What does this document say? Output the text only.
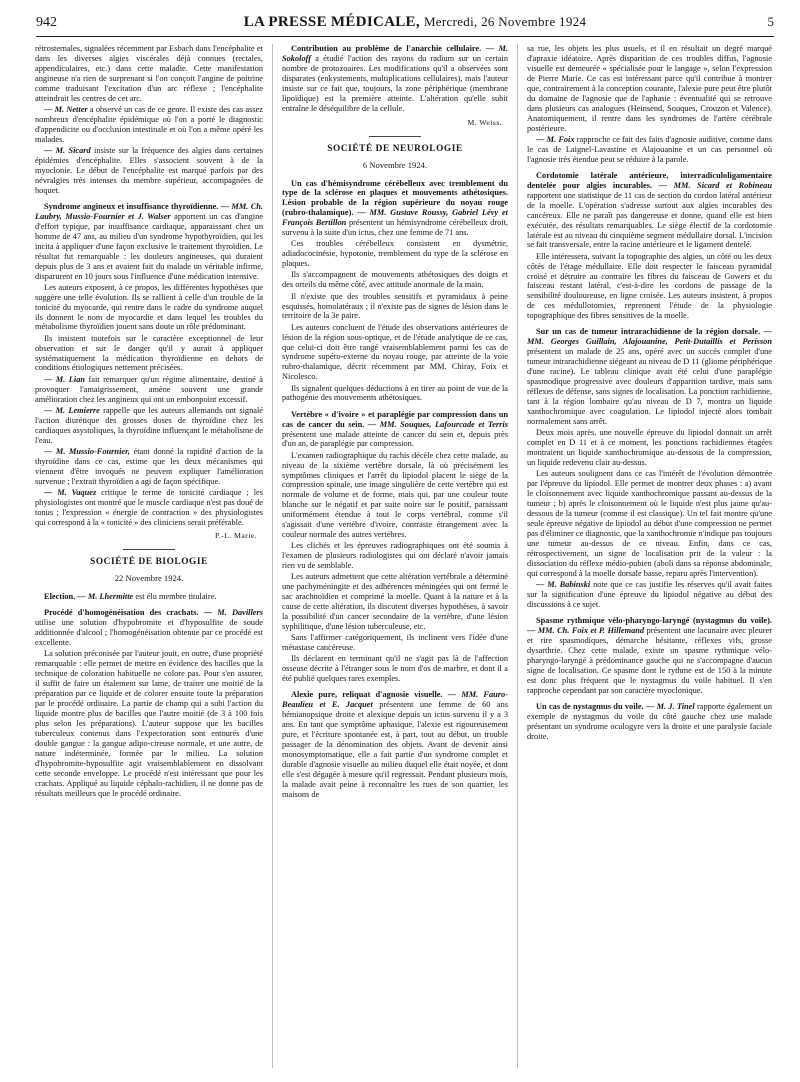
942	LA PRESSE MÉDICALE, Mercredi, 26 Novembre 1924	5

rétrosternales, signalées récemment par Esbach dans l'encéphalite et dans les diverses algies viscérales déjà connues (rectales, appendiculaires, etc.) dans cette maladie. Cette manifestation angineuse n'a rien de surprenant si l'on conçoit l'angine de poitrine comme traduisant l'excitation d'un arc réflexe ; l'encéphalite atteindrait les centres de cet arc.

— M. Netter a observé un cas de ce genre. Il existe des cas assez nombreux d'encéphalite épidémique où l'on a porté le diagnostic d'appendicite ou d'occlusion intestinale et où l'on a même opéré les malades.

— M. Sicard insiste sur la fréquence des algies dans certaines épidémies d'encéphalite. Elles s'associent souvent à de la myoclonie. Le début de l'encéphalite est marqué parfois par des névralgies très intenses du membre supérieur, accompagnées de hoquet.

Syndrome angineux et insuffisance thyroïdienne. — MM. Ch. Laubry, Mussio-Fournier et J. Walser apportent un cas d'angine d'effort typique, par insuffisance cardiaque, apparaissant chez un homme de 47 ans, au milieu d'un syndrome hypothyroïdien, qui les incita à appliquer d'une façon exclusive le traitement thyroïdien. Le résultat fut remarquable : les douleurs angineuses, qui duraient depuis plus de 3 ans et avaient fait du malade un véritable infirme, disparurent en 10 jours sous l'influence d'une médication intensive.

Les auteurs exposent, à ce propos, les différentes hypothèses que suggère une telle évolution. Ils se rallient à celle d'un trouble de la tonicité du myocarde, qui rentre dans le cadre du syndrome auquel ils donnent le nom de myocardie et dans lequel les troubles du métabolisme thyroïdien jouent sans doute un rôle prédominant.

Ils insistent toutefois sur le caractère exceptionnel de leur observation et sur le danger qu'il y aurait à appliquer systématiquement la médication thyroïdienne en dehors de conditions étiologiques nettement précisées.

— M. Lian fait remarquer qu'un régime alimentaire, destiné à provoquer l'amaigrissement, amène souvent une grande amélioration chez les angineux qui ont un embonpoint excessif.

— M. Lemierre rappelle que les auteurs allemands ont signalé l'action diurétique des grosses doses de thyroïdine chez les cardiaques asystoliques, la thyroïdine influençant le métabolisme de l'eau.

— M. Mussio-Fournier, étant donné la rapidité d'action de la thyroïdine dans ce cas, estime que les deux mécanismes qui viennent d'être invoqués ne peuvent expliquer l'amélioration survenue ; l'extrait thyroïdien a agi de façon spécifique.

— M. Vaquez critique le terme de tonicité cardiaque ; les physiologistes ont montré que le muscle cardiaque n'est pas doué de tonus ; l'expression « énergie de contraction » des physiologistes qui correspond à la « tonicité » des cliniciens serait préférable.

P.-L. Marie.

SOCIÉTÉ DE BIOLOGIE

22 Novembre 1924.

Election. — M. Lhermitte est élu membre titulaire.

Procédé d'homogénéisation des crachats. — M. Davillers utilise une solution d'hypobromite et d'hyposulfite de soude additionnée d'alcool ; l'homogénéisation obtenue par ce procédé est excellente.

La solution préconisée par l'auteur jouit, en outre, d'une propriété remarquable : elle permet de mettre en évidence des bacilles que la technique de coloration habituelle ne colore pas. Pour s'en assurer, il suffit de faire un étalement sur lame, de traiter une moitié de la préparation par ce liquide et de colorer ensuite toute la préparation par le procédé ordinaire. La partie de champ qui a subi l'action du liquide montre plus de bacilles que l'autre moitié (de 3 à 100 fois plus selon les préparations). L'auteur suppose que les bacilles tuberculeux contenus dans l'expectoration sont entourés d'une double gangue : la gangue adipo-cireuse normale, et une autre, de nature indéterminée, formée par le milieu. La solution d'hypobromite-hyposulfite agit vraisemblablement en dissolvant cette seconde enveloppe. Le procédé n'est intéressant que pour les crachats. Appliqué au liquide céphalo-rachidien, il ne donne pas de résultats meilleurs que le procédé ordinaire.

Contribution au problème de l'anarchie cellulaire. — M. Sokoloff a étudié l'action des rayons du radium sur un certain nombre de protozoaires. Les modifications qu'il a observées sont disparates (enkystements, multiplications cellulaires), mais l'auteur insiste sur ce fait que, toujours, la zone périphérique (membrane lipoïdique) est la première atteinte. L'altération qu'elle subit entraîne le déséquilibre de la cellule.

M. Weiss.

SOCIÉTÉ DE NEUROLOGIE

6 Novembre 1924.

Un cas d'hémisyndrome cérébelleux avec tremblement du type de la sclérose en plaques et mouvements athétosiques. Lésion probable de la région supérieure du noyau rouge (rubro-thalamique). — MM. Gustave Roussy, Gabriel Lévy et François Bertillon présentent un hémisyndrome cérébelleux droit, survenu à la suite d'un ictus, chez une femme de 71 ans.

Ces troubles cérébelleux consistent en dysmétrie, adiadococinésie, hypotonie, tremblement du type de la sclérose en plaques.

Ils s'accompagnent de mouvements athétosiques des doigts et des orteils du même côté, avec attitude anormale de la main.

Il n'existe que des troubles sensitifs et pyramidaux à peine esquissés, homolatéraux ; il n'existe pas de signes de lésion dans le territoire de la 3e paire.

Les auteurs concluent de l'étude des observations antérieures de lésion de la région sous-optique, et de l'étude analytique de ce cas, que celui-ci doit être rangé vraisemblablement parmi les cas de syndrome supéro-externe du noyau rouge, par atteinte de la voie rubro-thalamique, décrit récemment par MM. Chiray, Foix et Nicolesco.

Ils signalent quelques déductions à en tirer au point de vue de la pathogénie des mouvements athétosiques.

Vertèbre « d'ivoire » et paraplégie par compression dans un cas de cancer du sein. — MM. Souques, Lafourcade et Terris présentent une malade atteinte de cancer du sein et, depuis près d'un an, de paraplégie par compression.

L'examen radiographique du rachis décèle chez cette malade, au niveau de la sixième vertèbre dorsale, là où précisément les symptômes cliniques et l'arrêt du lipiodol placent le siège de la compression spinale, une image singulière de cette vertèbre qui est normale de volume et de forme, mais qui, par une couleur toute blanche sur le négatif et par suite noire sur le positif, paraissant uniformément étendue à tout le corps vertébral, comme s'il s'agissait d'une vertèbre d'ivoire, contraste étrangement avec la couleur normale des autres vertèbres.

Les clichés et les épreuves radiographiques ont été soumis à l'examen de plusieurs radiologistes qui ont déclaré n'avoir jamais rien vu de semblable.

Les auteurs admettent que cette altération vertébrale a déterminé une pachyméningite et des adhérences méningées qui ont fermé le sac arachnoïdien et comprimé la moelle. Quant à la nature et à la cause de cette altération, ils discutent diverses hypothèses, à savoir la possibilité d'un cancer secondaire de la vertèbre, d'une lésion syphilitique, d'une lésion tuberculeuse, etc.

Sans l'affirmer catégoriquement, ils inclinent vers l'idée d'une métastase cancéreuse.

Ils déclarent en terminant qu'il ne s'agit pas là de l'affection osseuse décrite à l'étranger sous le nom d'os de marbre, et dont il a été publié quelques rares exemples.

Alexie pure, reliquat d'agnosie visuelle. — MM. Fauro-Beaulieu et E. Jacquet présentent une femme de 60 ans hémianopsique droite et alexique depuis un ictus survenu il y a 3 ans. En tant que symptôme aphasique, l'alexie est rigoureusement pure, et l'écriture spontanée est, à part, tout au début, un trouble passager de la dénomination des objets. Avant de devenir ainsi monosymptomatique, elle a fait partie d'un syndrome complet et durable d'agnosie visuelle au milieu duquel elle était noyée, et dont elle s'est dégagée à mesure qu'il regressait. Pendant plusieurs mois, la malade avait peine à reconnaître les rues de son quartier, les maisons de

sa rue, les objets les plus usuels, et il en résultait un degré marqué d'apraxie idéatoire. Après disparition de ces troubles diffus, l'agnosie visuelle est demeurée « spécialisée pour le langage », selon l'expression de Pierre Marie. Ce cas est intéressant parce qu'il contribue à montrer que, contrairement à la conception courante, l'alexie pure peut être plutôt du domaine de l'agnosie que de l'aphasie : éventualité qui se retrouve dans plusieurs cas analogues (Heinsend, Souques, Crouzon et Valence). Anatomiquement, il rentre dans les syndromes de l'artère cérébrale postérieure.

— M. Foix rapproche ce fait des faits d'agnosie auditive, comme dans le cas de Laignel-Lavastine et Alajouanine et un cas personnel où l'agnosie très étendue peut se réduire à la parole.

Cordotomie latérale antérieure, interradiculoligamentaire dentelée pour algies incurables. — MM. Sicard et Robineau rapportent une statistique de 11 cas de section du cordon latéral antérieur de la moelle. L'opération s'adresse surtout aux algies incurables des cancéreux. Elle ne paraît pas dangereuse et donne, quand elle est bien exécutée, des résultats remarquables. Le siège électif de la cordotomie latérale est au niveau du cinquième segment médullaire dorsal. L'incision se fait transversale, entre la racine antérieure et le ligament dentelé.

Elle intéressera, suivant la topographie des algies, un côté ou les deux côtés de l'étage médullaire. Elle doit respecter le faisceau pyramidal croisé et détruire au contraire les fibres du faisceau de Gowers et du faisceau restant latéral, c'est-à-dire les cordons de passage de la sensibilité douloureuse, en ligne croisée. Les auteurs insistent, à propos de ces médullotomies, reprennent l'étude de la physiologie topographique des fibres sensitives de la moelle.

Sur un cas de tumeur intrarachidienne de la région dorsale. — MM. Georges Guillain, Alajouanine, Petit-Dutaillis et Perisson présentent un malade de 25 ans, opéré avec un succès complet d'une tumeur intrarachidienne siégeant au niveau de D 11 (gliome périphérique d'une racine). Le tableau clinique avait été celui d'une paraplégie spasmodique progressive avec douleurs d'apparition tardive, mais sans réflexes de défense, sans signes de localisation. La ponction rachidienne, tant à la région lombaire qu'au niveau de D 7, montra un liquide xanthochromique avec coagulation. Le lipiodol injecté alors tombait normalement sans arrêt.

Deux mois après, une nouvelle épreuve du lipiodol donnait un arrêt complet en D 11 et à ce moment, les ponctions rachidiennes étagées montraient un liquide xanthochromique au-dessous de la compression, un liquide redevenu clair au-dessus.

Les auteurs soulignent dans ce cas l'intérêt de l'évolution démontrée par l'épreuve du lipiodol. Elle permet de montrer deux phases : a) avant le cloisonnement avec liquide xanthochromique passant au-dessus de la tumeur ; b) après le cloisonnement où le liquide n'est plus jaune qu'au-dessous de la tumeur (comme il est classique). Un tel fait montre qu'une seule épreuve négative de lipiodol au début d'une compression ne permet pas d'éliminer ce diagnostic, que la xanthochromie n'indique pas toujours une tumeur au-dessus de ce niveau. Enfin, dans ce cas, rétrospectivement, un signe de localisation prit de la valeur : la dissociation du réflexe médio-pubien (aboli dans sa réponse abdominale, qui correspond à la moelle dorsale basse, reparu après l'intervention).

— M. Babinski note que ce cas justifie les réserves qu'il avait faites sur la signification d'une épreuve du lipiodol négative au début des discussions à ce sujet.

Spasme rythmique vélo-pharyngo-laryngé (nystagmus du voile). — MM. Ch. Foix et P. Hillemand présentent une lacunaire avec pleurer et rire spasmodiques, démarche hésitante, réflexes vifs, grosse dysarthrie. Chez cette malade, existe un spasme rythmique vélo-pharyngo-laryngé à prédominance gauche qui ne s'accompagne d'aucun signe de localisation. Ce spasme dont le rythme est de 150 à la minute est donc plus fréquent que le nystagmus du voile habituel. Il s'en rapproche cependant par son caractère myoclonique.

Un cas de nystagmus du voile. — M. J. Tinel rapporte également un exemple de nystagmus du voile du côté gauche chez une malade présentant un syndrome oculogyre vers la droite et une paralysie faciale droite.
